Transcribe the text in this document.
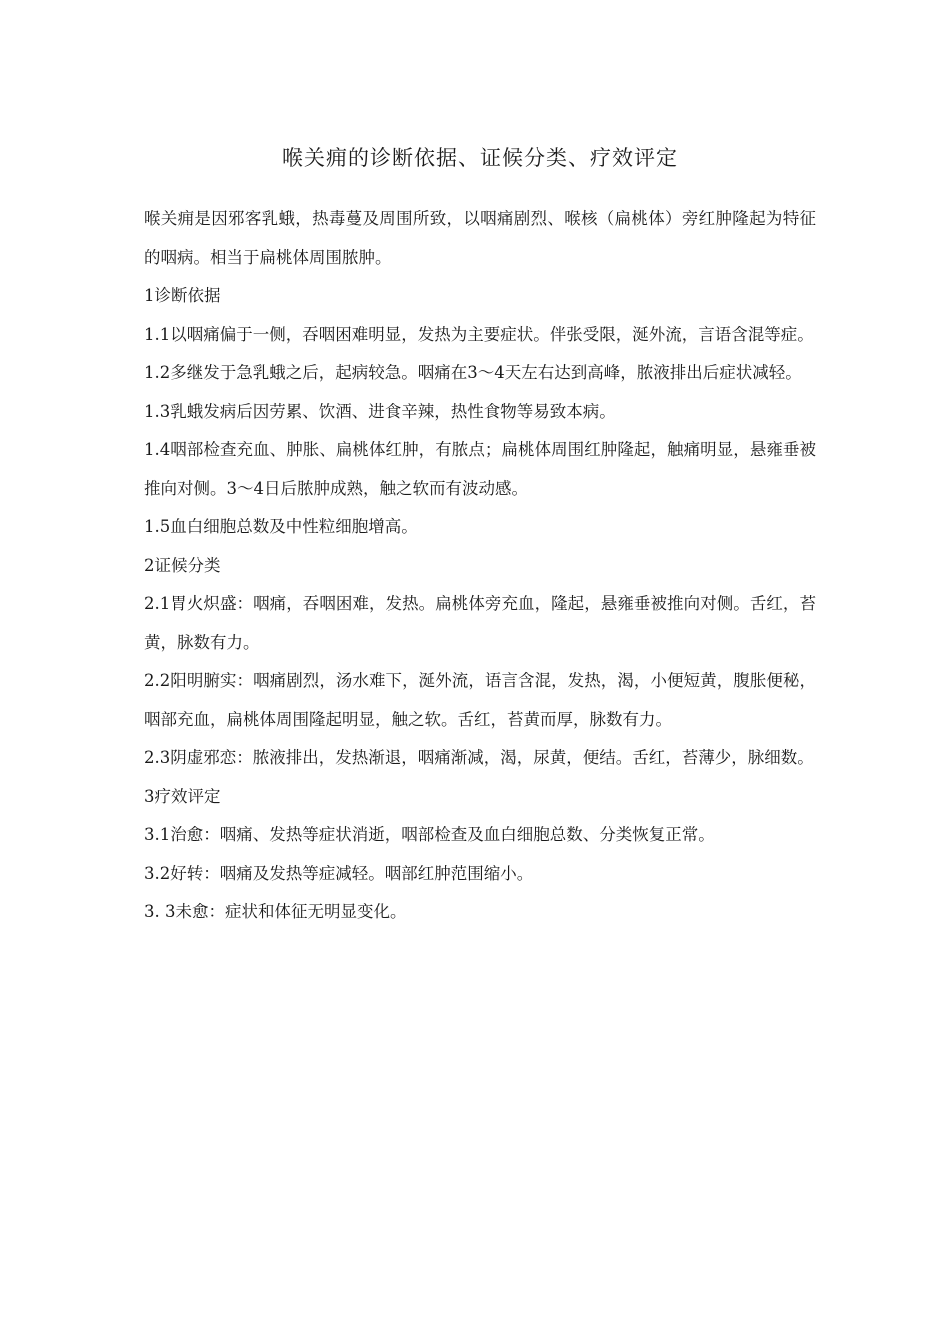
喉关痈的诊断依据、证候分类、疗效评定

喉关痈是因邪客乳蛾，热毒蔓及周围所致，以咽痛剧烈、喉核（扁桃体）旁红肿隆起为特征的咽病。相当于扁桃体周围脓肿。

1诊断依据

1.1以咽痛偏于一侧，吞咽困难明显，发热为主要症状。伴张受限，涎外流，言语含混等症。

1.2多继发于急乳蛾之后，起病较急。咽痛在3〜4天左右达到高峰，脓液排出后症状减轻。

1.3乳蛾发病后因劳累、饮酒、进食辛辣，热性食物等易致本病。

1.4咽部检查充血、肿胀、扁桃体红肿，有脓点；扁桃体周围红肿隆起，触痛明显，悬雍垂被推向对侧。3〜4日后脓肿成熟，触之软而有波动感。

1.5血白细胞总数及中性粒细胞增高。

2证候分类

2.1胃火炽盛：咽痛，吞咽困难，发热。扁桃体旁充血，隆起，悬雍垂被推向对侧。舌红，苔黄，脉数有力。

2.2阳明腑实：咽痛剧烈，汤水难下，涎外流，语言含混，发热，渴，小便短黄，腹胀便秘，咽部充血，扁桃体周围隆起明显，触之软。舌红，苔黄而厚，脉数有力。

2.3阴虚邪恋：脓液排出，发热渐退，咽痛渐减，渴，尿黄，便结。舌红，苔薄少，脉细数。

3疗效评定

3.1治愈：咽痛、发热等症状消逝，咽部检查及血白细胞总数、分类恢复正常。

3.2好转：咽痛及发热等症减轻。咽部红肿范围缩小。

3. 3未愈：症状和体征无明显变化。
